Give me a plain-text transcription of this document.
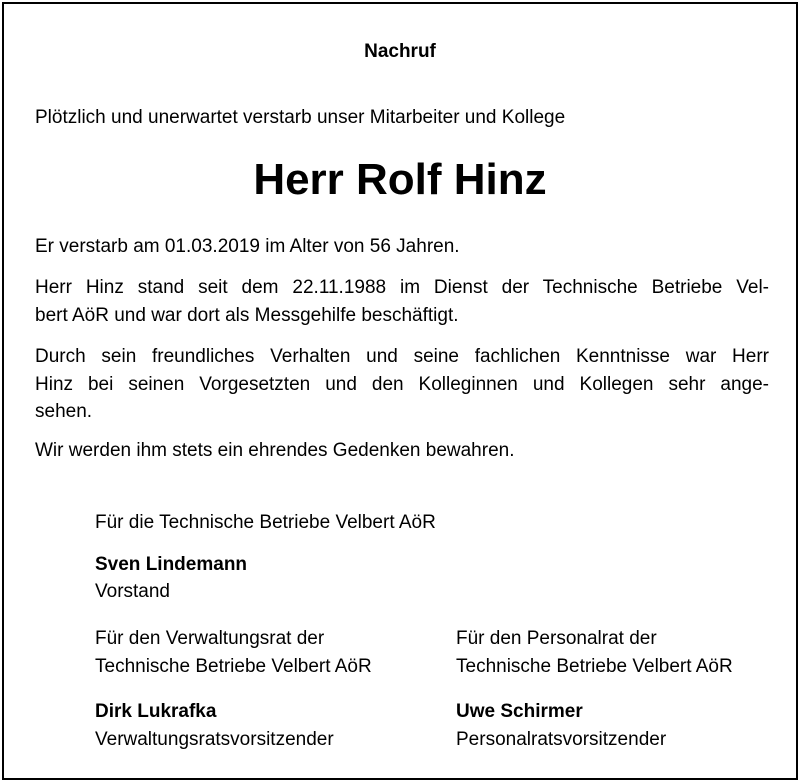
Nachruf
Plötzlich und unerwartet verstarb unser Mitarbeiter und Kollege
Herr Rolf Hinz
Er verstarb am 01.03.2019 im Alter von 56 Jahren.
Herr Hinz stand seit dem 22.11.1988 im Dienst der Technische Betriebe Vel-
bert AöR und war dort als Messgehilfe beschäftigt.
Durch sein freundliches Verhalten und seine fachlichen Kenntnisse war Herr
Hinz bei seinen Vorgesetzten und den Kolleginnen und Kollegen sehr ange-
sehen.
Wir werden ihm stets ein ehrendes Gedenken bewahren.
Für die Technische Betriebe Velbert AöR
Sven Lindemann
Vorstand
Für den Verwaltungsrat der
Technische Betriebe Velbert AöR
Dirk Lukrafka
Verwaltungsratsvorsitzender
Für den Personalrat der
Technische Betriebe Velbert AöR
Uwe Schirmer
Personalratsvorsitzender
